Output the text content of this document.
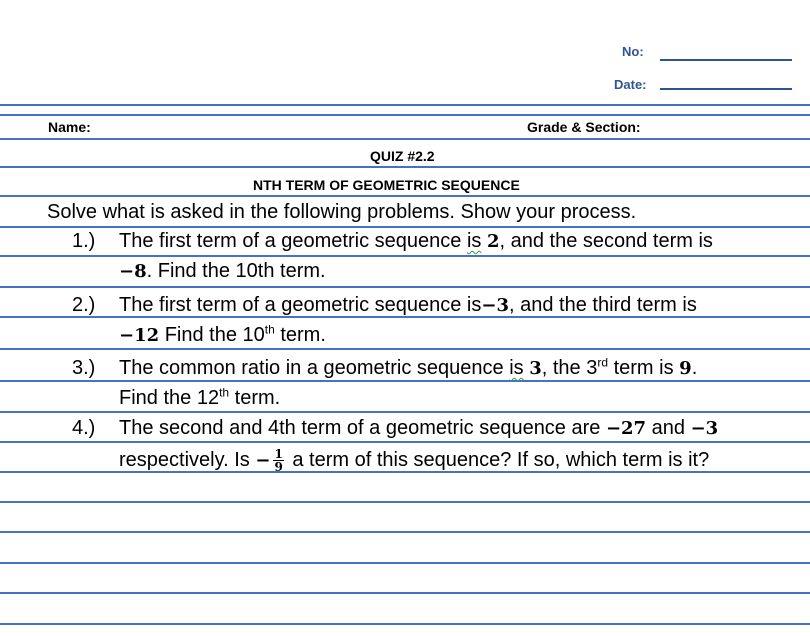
No:
Date:
Name:	Grade & Section:
QUIZ #2.2
NTH TERM OF GEOMETRIC SEQUENCE
Solve what is asked in the following problems. Show your process.
1.) The first term of a geometric sequence is 2, and the second term is
−8. Find the 10th term.
2.) The first term of a geometric sequence is−3, and the third term is
−12 Find the 10th term.
3.) The common ratio in a geometric sequence is 3, the 3rd term is 9.
Find the 12th term.
4.) The second and 4th term of a geometric sequence are −27 and −3
respectively. $Is - \frac{1}{9}$ a term of this sequence? If so, which term is it?
